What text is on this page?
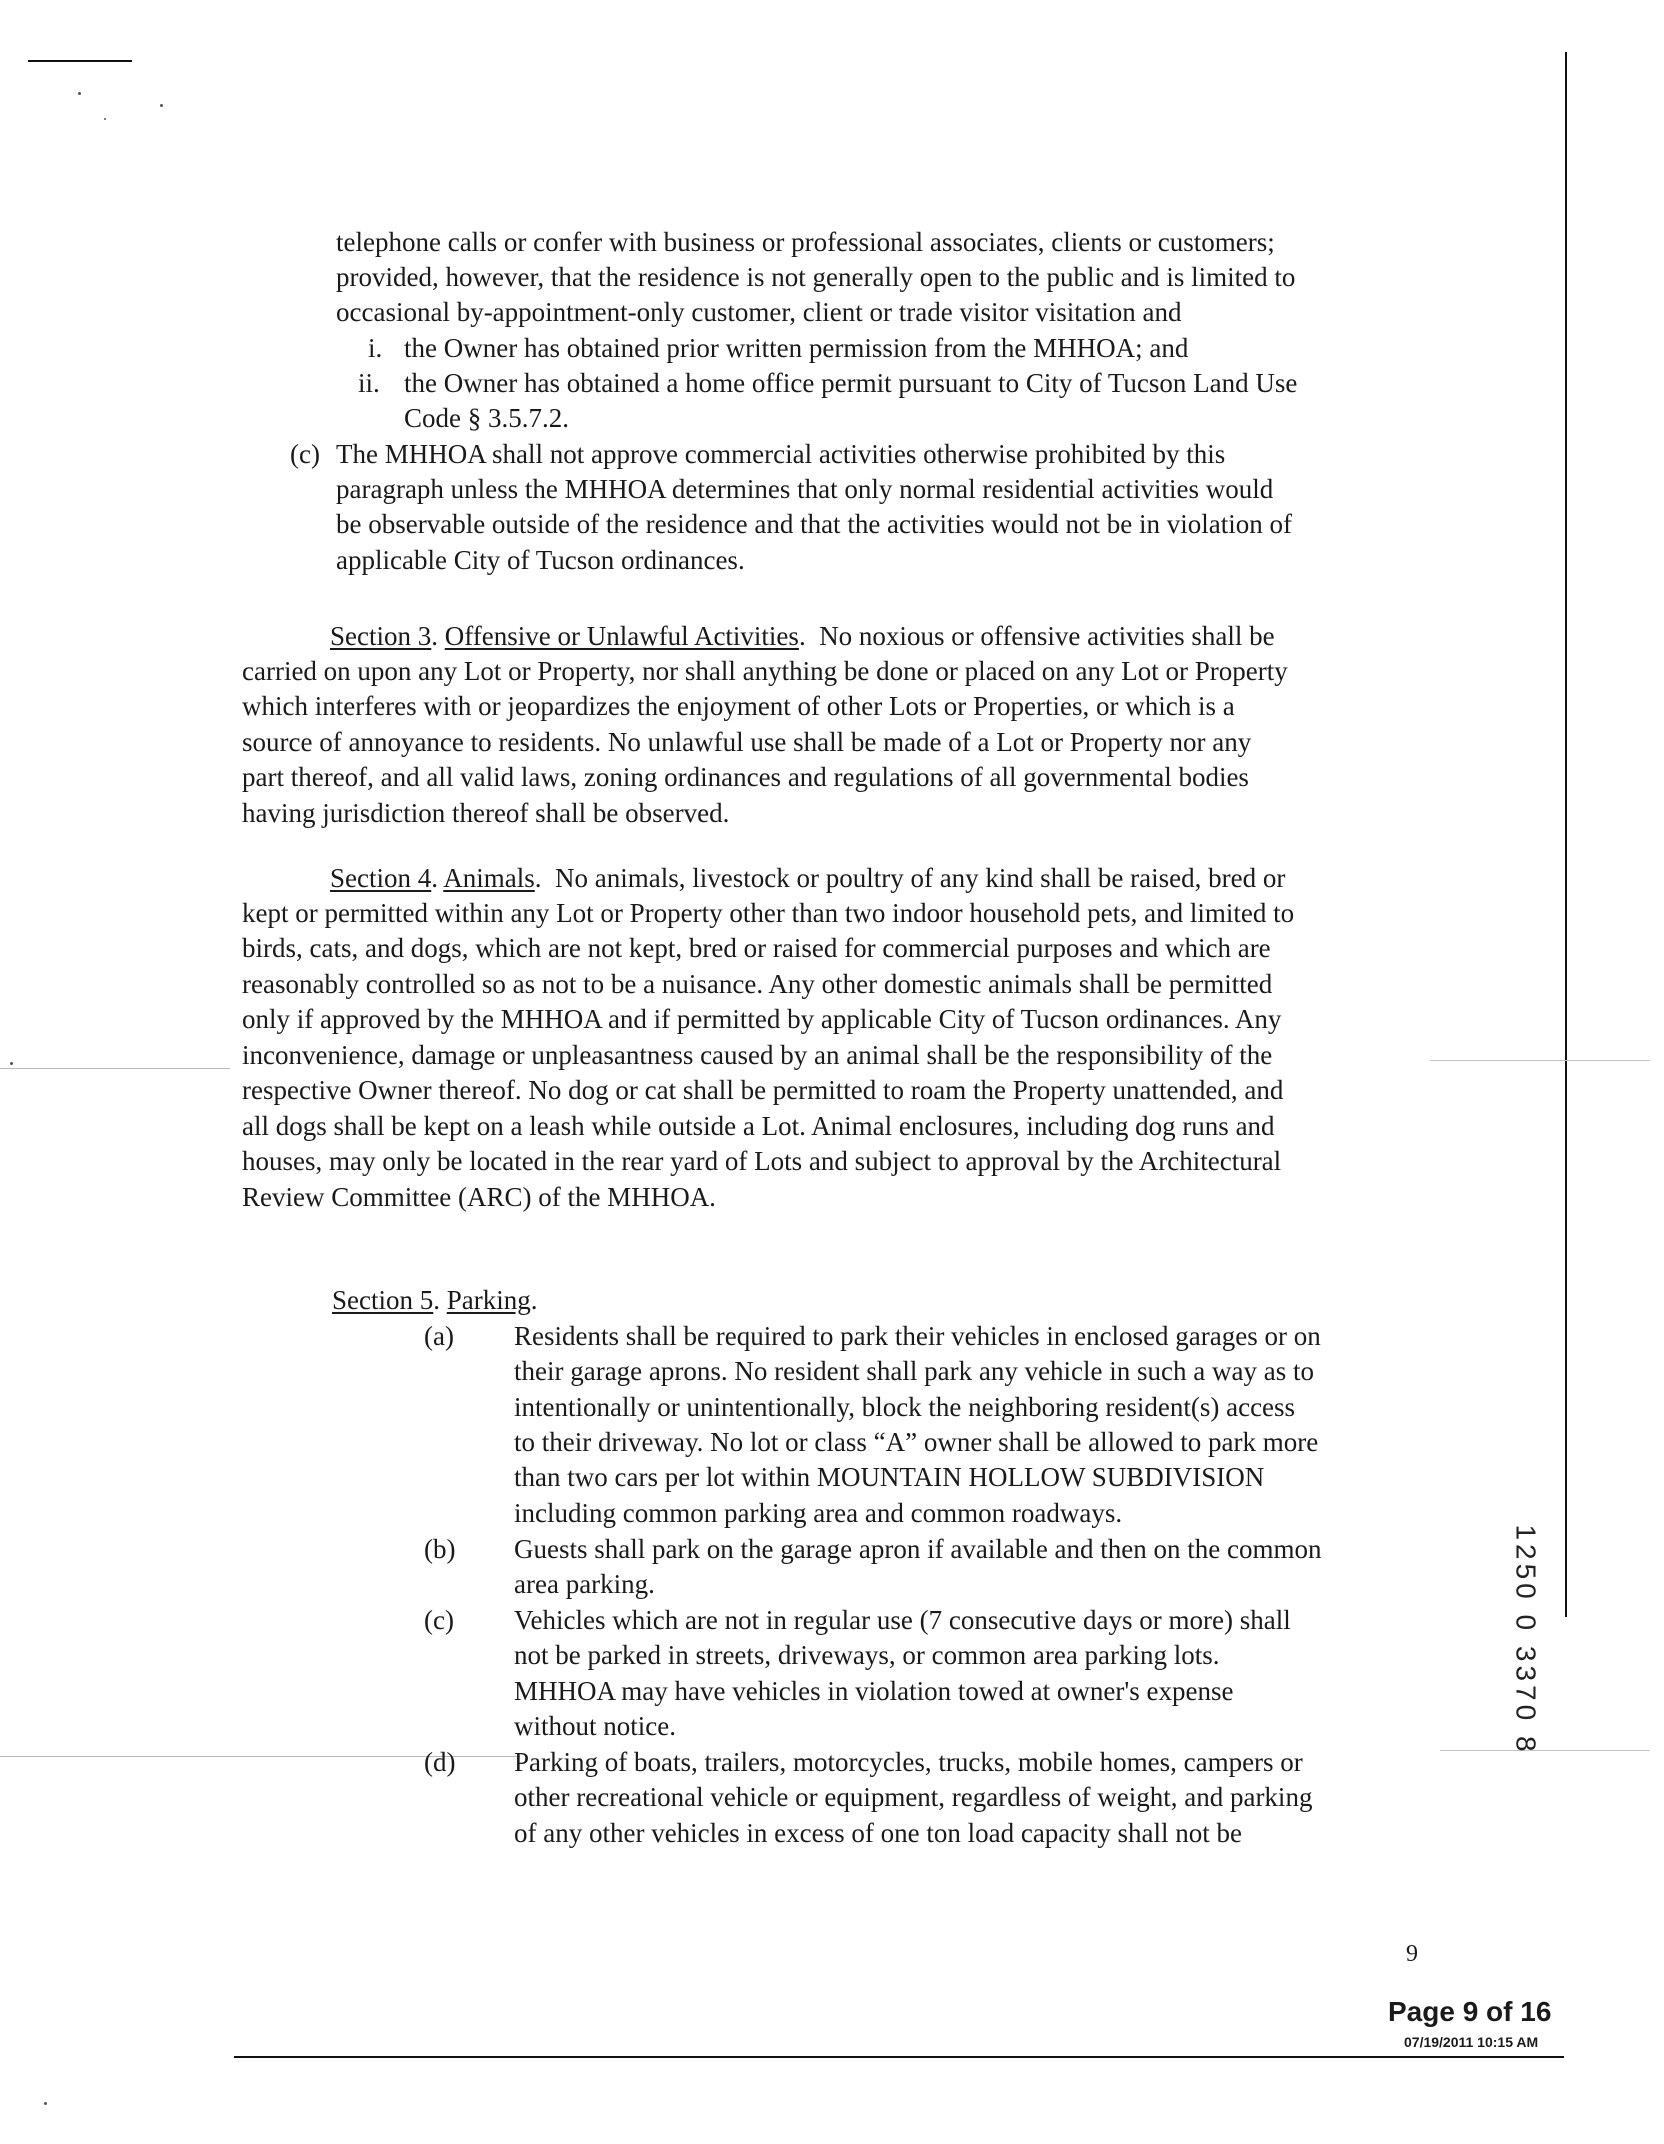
telephone calls or confer with business or professional associates, clients or customers;
provided, however, that the residence is not generally open to the public and is limited to
occasional by-appointment-only customer, client or trade visitor visitation and
i. the Owner has obtained prior written permission from the MHHOA; and
ii. the Owner has obtained a home office permit pursuant to City of Tucson Land Use
Code § 3.5.7.2.
(c) The MHHOA shall not approve commercial activities otherwise prohibited by this
paragraph unless the MHHOA determines that only normal residential activities would
be observable outside of the residence and that the activities would not be in violation of
applicable City of Tucson ordinances.
Section 3. Offensive or Unlawful Activities.  No noxious or offensive activities shall be
carried on upon any Lot or Property, nor shall anything be done or placed on any Lot or Property
which interferes with or jeopardizes the enjoyment of other Lots or Properties, or which is a
source of annoyance to residents. No unlawful use shall be made of a Lot or Property nor any
part thereof, and all valid laws, zoning ordinances and regulations of all governmental bodies
having jurisdiction thereof shall be observed.
Section 4. Animals.  No animals, livestock or poultry of any kind shall be raised, bred or
kept or permitted within any Lot or Property other than two indoor household pets, and limited to
birds, cats, and dogs, which are not kept, bred or raised for commercial purposes and which are
reasonably controlled so as not to be a nuisance. Any other domestic animals shall be permitted
only if approved by the MHHOA and if permitted by applicable City of Tucson ordinances. Any
inconvenience, damage or unpleasantness caused by an animal shall be the responsibility of the
respective Owner thereof. No dog or cat shall be permitted to roam the Property unattended, and
all dogs shall be kept on a leash while outside a Lot. Animal enclosures, including dog runs and
houses, may only be located in the rear yard of Lots and subject to approval by the Architectural
Review Committee (ARC) of the MHHOA.
Section 5. Parking.
(a) Residents shall be required to park their vehicles in enclosed garages or on
their garage aprons. No resident shall park any vehicle in such a way as to
intentionally or unintentionally, block the neighboring resident(s) access
to their driveway. No lot or class “A” owner shall be allowed to park more
than two cars per lot within MOUNTAIN HOLLOW SUBDIVISION
including common parking area and common roadways.
(b) Guests shall park on the garage apron if available and then on the common
area parking.
(c) Vehicles which are not in regular use (7 consecutive days or more) shall
not be parked in streets, driveways, or common area parking lots.
MHHOA may have vehicles in violation towed at owner's expense
without notice.
(d) Parking of boats, trailers, motorcycles, trucks, mobile homes, campers or
other recreational vehicle or equipment, regardless of weight, and parking
of any other vehicles in excess of one ton load capacity shall not be
1250 0 3370 8
9
Page 9 of 16
07/19/2011 10:15 AM
